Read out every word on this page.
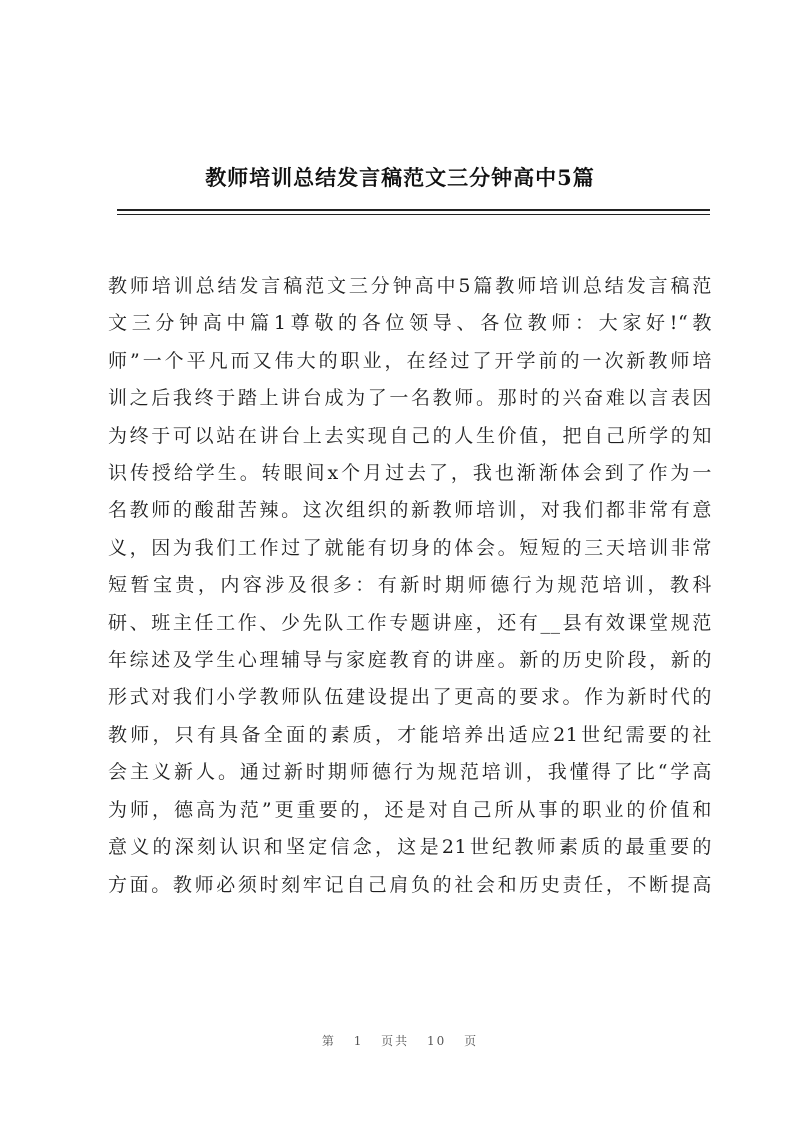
教师培训总结发言稿范文三分钟高中5篇
教师培训总结发言稿范文三分钟高中5篇教师培训总结发言稿范
文三分钟高中篇1尊敬的各位领导、各位教师：大家好!“教
师”一个平凡而又伟大的职业，在经过了开学前的一次新教师培
训之后我终于踏上讲台成为了一名教师。那时的兴奋难以言表因
为终于可以站在讲台上去实现自己的人生价值，把自己所学的知
识传授给学生。转眼间x个月过去了，我也渐渐体会到了作为一
名教师的酸甜苦辣。这次组织的新教师培训，对我们都非常有意
义，因为我们工作过了就能有切身的体会。短短的三天培训非常
短暂宝贵，内容涉及很多：有新时期师德行为规范培训，教科
研、班主任工作、少先队工作专题讲座，还有__县有效课堂规范
年综述及学生心理辅导与家庭教育的讲座。新的历史阶段，新的
形式对我们小学教师队伍建设提出了更高的要求。作为新时代的
教师，只有具备全面的素质，才能培养出适应21世纪需要的社
会主义新人。通过新时期师德行为规范培训，我懂得了比“学高
为师，德高为范”更重要的，还是对自己所从事的职业的价值和
意义的深刻认识和坚定信念，这是21世纪教师素质的最重要的
方面。教师必须时刻牢记自己肩负的社会和历史责任，不断提高
第 1 页共 10 页
